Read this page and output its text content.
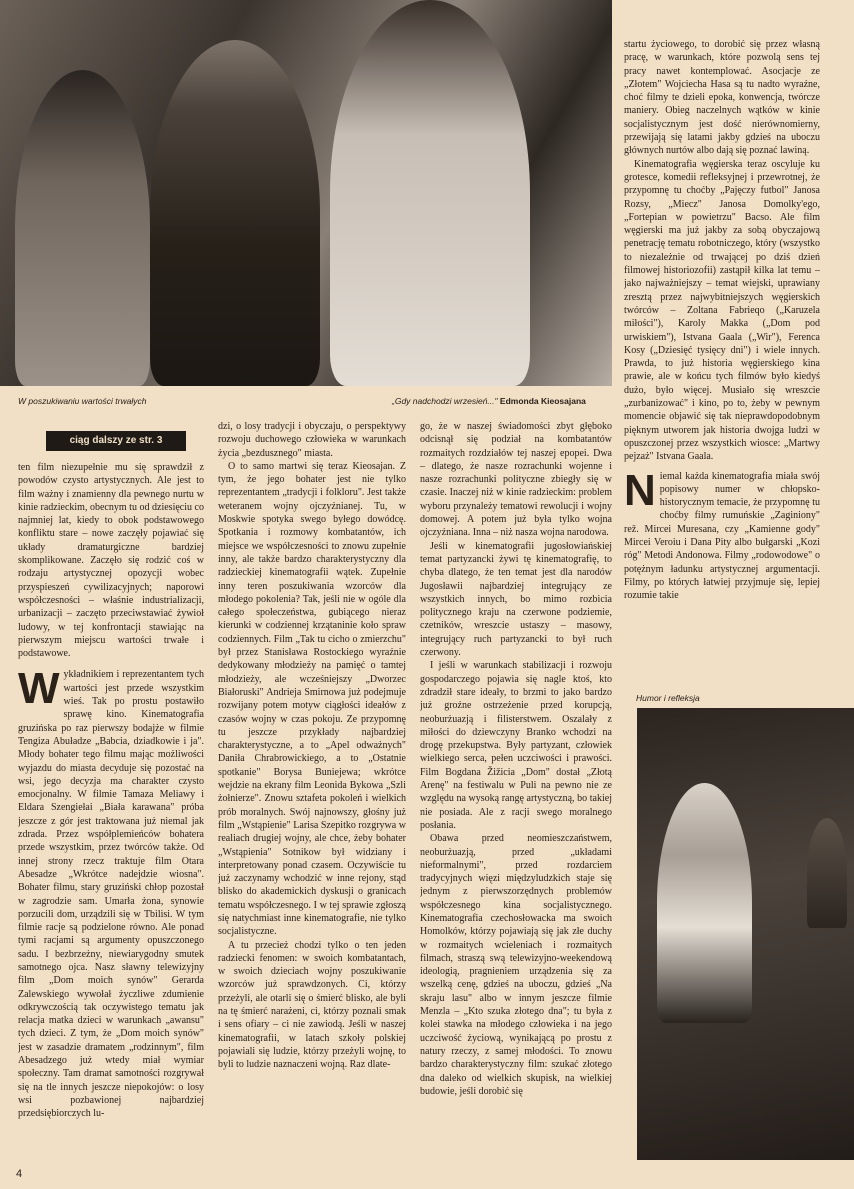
W poszukiwaniu wartości trwałych	„Gdy nadchodzi wrzesień..." Edmonda Kieosajana
Humor i refleksja
ciąg dalszy ze str. 3

ten film niezupełnie mu się sprawdził z powodów czysto artystycznych. Ale jest to film ważny i znamienny dla pewnego nurtu w kinie radzieckim, obecnym tu od dziesięciu co najmniej lat, kiedy to obok podstawowego konfliktu stare – nowe zaczęły pojawiać się układy dramaturgiczne bardziej skomplikowane. Zaczęło się rodzić coś w rodzaju artystycznej opozycji wobec przyspieszeń cywilizacyjnych; naporowi współczesności – właśnie industrializacji, urbanizacji – zaczęto przeciwstawiać żywioł ludowy, w tej konfrontacji stawiając na pierwszym miejscu wartości trwałe i podstawowe.

Wykładnikiem i reprezentantem tych wartości jest przede wszystkim wieś. Tak po prostu postawiło sprawę kino. Kinematografia gruzińska po raz pierwszy bodajże w filmie Tengiza Abuładze „Babcia, dziadkowie i ja". Młody bohater tego filmu mając możliwości wyjazdu do miasta decyduje się pozostać na wsi, jego decyzja ma charakter czysto emocjonalny. W filmie Tamaza Meliawy i Eldara Szengiełai „Biała karawana" próba jeszcze z gór jest traktowana już niemal jak zdrada. Przez współplemieńców bohatera przede wszystkim, przez twórców także. Od innej strony rzecz traktuje film Otara Abesadze „Wkrótce nadejdzie wiosna". Bohater filmu, stary gruziński chłop pozostał w zagrodzie sam. Umarła żona, synowie porzucili dom, urządzili się w Tbilisi. W tym filmie racje są podzielone równo. Ale ponad tymi racjami są argumenty opuszczonego sadu. I bezbrzeżny, niewiarygodny smutek samotnego ojca. Nasz sławny telewizyjny film „Dom moich synów" Gerarda Zalewskiego wywołał życzliwe zdumienie odkrywczością tak oczywistego tematu jak relacja matka dzieci w warunkach „awansu" tych dzieci. Z tym, że „Dom moich synów" jest w zasadzie dramatem „rodzinnym", film Abesadzego już wtedy miał wymiar społeczny. Tam dramat samotności rozgrywał się na tle innych jeszcze niepokojów: o losy wsi pozbawionej najbardziej przedsiębiorczych lu-

dzi, o losy tradycji i obyczaju, o perspektywy rozwoju duchowego człowieka w warunkach życia „bezdusznego" miasta.

O to samo martwi się teraz Kieosajan. Z tym, że jego bohater jest nie tylko reprezentantem „tradycji i folkloru". Jest także weteranem wojny ojczyźnianej. Tu, w Moskwie spotyka swego byłego dowódcę. Spotkania i rozmowy kombatantów, ich miejsce we współczesności to znowu zupełnie inny, ale także bardzo charakterystyczny dla radzieckiej kinematografii wątek. Zupełnie inny teren poszukiwania wzorców dla młodego pokolenia? Tak, jeśli nie w ogóle dla całego społeczeństwa, gubiącego nieraz kierunki w codziennej krzątaninie koło spraw codziennych. Film „Tak tu cicho o zmierzchu" był przez Stanisława Rostockiego wyraźnie dedykowany młodzieży na pamięć o tamtej młodzieży, ale wcześniejszy „Dworzec Białoruski" Andrieja Smirnowa już podejmuje rozwijany potem motyw ciągłości ideałów z czasów wojny w czas pokoju. Ze przypomnę tu jeszcze przykłady najbardziej charakterystyczne, a to „Apel odważnych" Daniła Chrabrowickiego, a to „Ostatnie spotkanie" Borysa Buniejewa; wkrótce wejdzie na ekrany film Leonida Bykowa „Szli żołnierze". Znowu sztafeta pokoleń i wielkich prób moralnych. Swój najnowszy, głośny już film „Wstąpienie" Larisa Szepitko rozgrywa w realiach drugiej wojny, ale chce, żeby bohater „Wstąpienia" Sotnikow był widziany i interpretowany ponad czasem. Oczywiście tu już zaczynamy wchodzić w inne rejony, stąd blisko do akademickich dyskusji o granicach tematu współczesnego. I w tej sprawie zgłoszą się natychmiast inne kinematografie, nie tylko socjalistyczne.

A tu przecież chodzi tylko o ten jeden radziecki fenomen: w swoich kombatantach, w swoich dzieciach wojny poszukiwanie wzorców już sprawdzonych. Ci, którzy przeżyli, ale otarli się o śmierć blisko, ale byli na tę śmierć narażeni, ci, którzy poznali smak i sens ofiary – ci nie zawiodą. Jeśli w naszej kinematografii, w latach szkoły polskiej pojawiali się ludzie, którzy przeżyli wojnę, to byli to ludzie naznaczeni wojną. Raz dlate-

go, że w naszej świadomości zbyt głęboko odcisnął się podział na kombatantów rozmaitych rozdziałów tej naszej epopei. Dwa – dlatego, że nasze rozrachunki wojenne i nasze rozrachunki polityczne zbiegły się w czasie. Inaczej niż w kinie radzieckim: problem wyboru przynależy tematowi rewolucji i wojny domowej. A potem już była tylko wojna ojczyźniana. Inna – niż nasza wojna narodowa.

Jeśli w kinematografii jugosłowiańskiej temat partyzancki żywi tę kinematografię, to chyba dlatego, że ten temat jest dla narodów Jugosławii najbardziej integrujący ze wszystkich innych, bo mimo rozbicia politycznego kraju na czerwone podziemie, czetników, wreszcie ustaszy – masowy, integrujący ruch partyzancki to był ruch czerwony.

I jeśli w warunkach stabilizacji i rozwoju gospodarczego pojawia się nagle ktoś, kto zdradził stare ideały, to brzmi to jako bardzo już groźne ostrzeżenie przed korupcją, neoburżuazją i filisterstwem. Oszalały z miłości do dziewczyny Branko wchodzi na drogę przekupstwa. Były partyzant, człowiek wielkiego serca, pełen uczciwości i prawości. Film Bogdana Žižicia „Dom" dostał „Złotą Arenę" na festiwalu w Puli na pewno nie ze względu na wysoką rangę artystyczną, bo takiej nie posiada. Ale z racji swego moralnego posłania.

Obawa przed neomieszczaństwem, neoburżuazją, przed „układami nieformalnymi", przed rozdarciem tradycyjnych więzi międzyludzkich staje się jednym z pierwszorzędnych problemów współczesnego kina socjalistycznego. Kinematografia czechosłowacka ma swoich Homolków, którzy pojawiają się jak złe duchy w rozmaitych wcieleniach i rozmaitych filmach, straszą swą telewizyjno-weekendową ideologią, pragnieniem urządzenia się za wszelką cenę, gdzieś na uboczu, gdzieś „Na skraju lasu" albo w innym jeszcze filmie Menzla – „Kto szuka złotego dna"; tu była z kolei stawka na młodego człowieka i na jego uczciwość życiową, wynikającą po prostu z natury rzeczy, z samej młodości. To znowu bardzo charakterystyczny film: szukać złotego dna daleko od wielkich skupisk, na wielkiej budowie, jeśli dorobić się

startu życiowego, to dorobić się przez własną pracę, w warunkach, które pozwolą sens tej pracy nawet kontemplować. Asocjacje ze „Złotem" Wojciecha Hasa są tu nadto wyraźne, choć filmy te dzieli epoka, konwencja, twórcze maniery. Obieg naczelnych wątków w kinie socjalistycznym jest dość nierównomierny, przewijają się latami jakby gdzieś na uboczu głównych nurtów albo dają się poznać lawiną.

Kinematografia węgierska teraz oscyluje ku grotesce, komedii refleksyjnej i przewrotnej, że przypomnę tu choćby „Pajęczy futbol" Janosa Rozsy, „Miecz" Janosa Domolky'ego, „Fortepian w powietrzu" Bacso. Ale film węgierski ma już jakby za sobą obyczajową penetrację tematu robotniczego, który (wszystko to niezależnie od trwającej po dziś dzień filmowej historiozofii) zastąpił kilka lat temu – jako najważniejszy – temat wiejski, uprawiany zresztą przez najwybitniejszych węgierskich twórców – Zoltana Fabrieqo („Karuzela miłości"), Karoly Makka („Dom pod urwiskiem"), Istvana Gaala („Wir"), Ferenca Kosy („Dziesięć tysięcy dni") i wiele innych. Prawda, to już historia węgierskiego kina prawie, ale w końcu tych filmów było kiedyś dużo, było więcej. Musiało się wreszcie „zurbanizować" i kino, po to, żeby w pewnym momencie objawić się tak nieprawdopodobnym pięknym utworem jak historia dwojga ludzi w opuszczonej przez wszystkich wiosce: „Martwy pejzaż" Istvana Gaala.

Niemal każda kinematografia miała swój popisowy numer w chłopsko-historycznym temacie, że przypomnę tu choćby filmy rumuńskie „Zaginiony" rež. Mircei Muresana, czy „Kamienne gody" Mircei Veroiu i Dana Pity albo bułgarski „Kozi róg" Metodi Andonowa. Filmy „rodowodowe" o potężnym ładunku artystycznej argumentacji. Filmy, po których łatwiej przyjmuje się, lepiej rozumie takie

4
